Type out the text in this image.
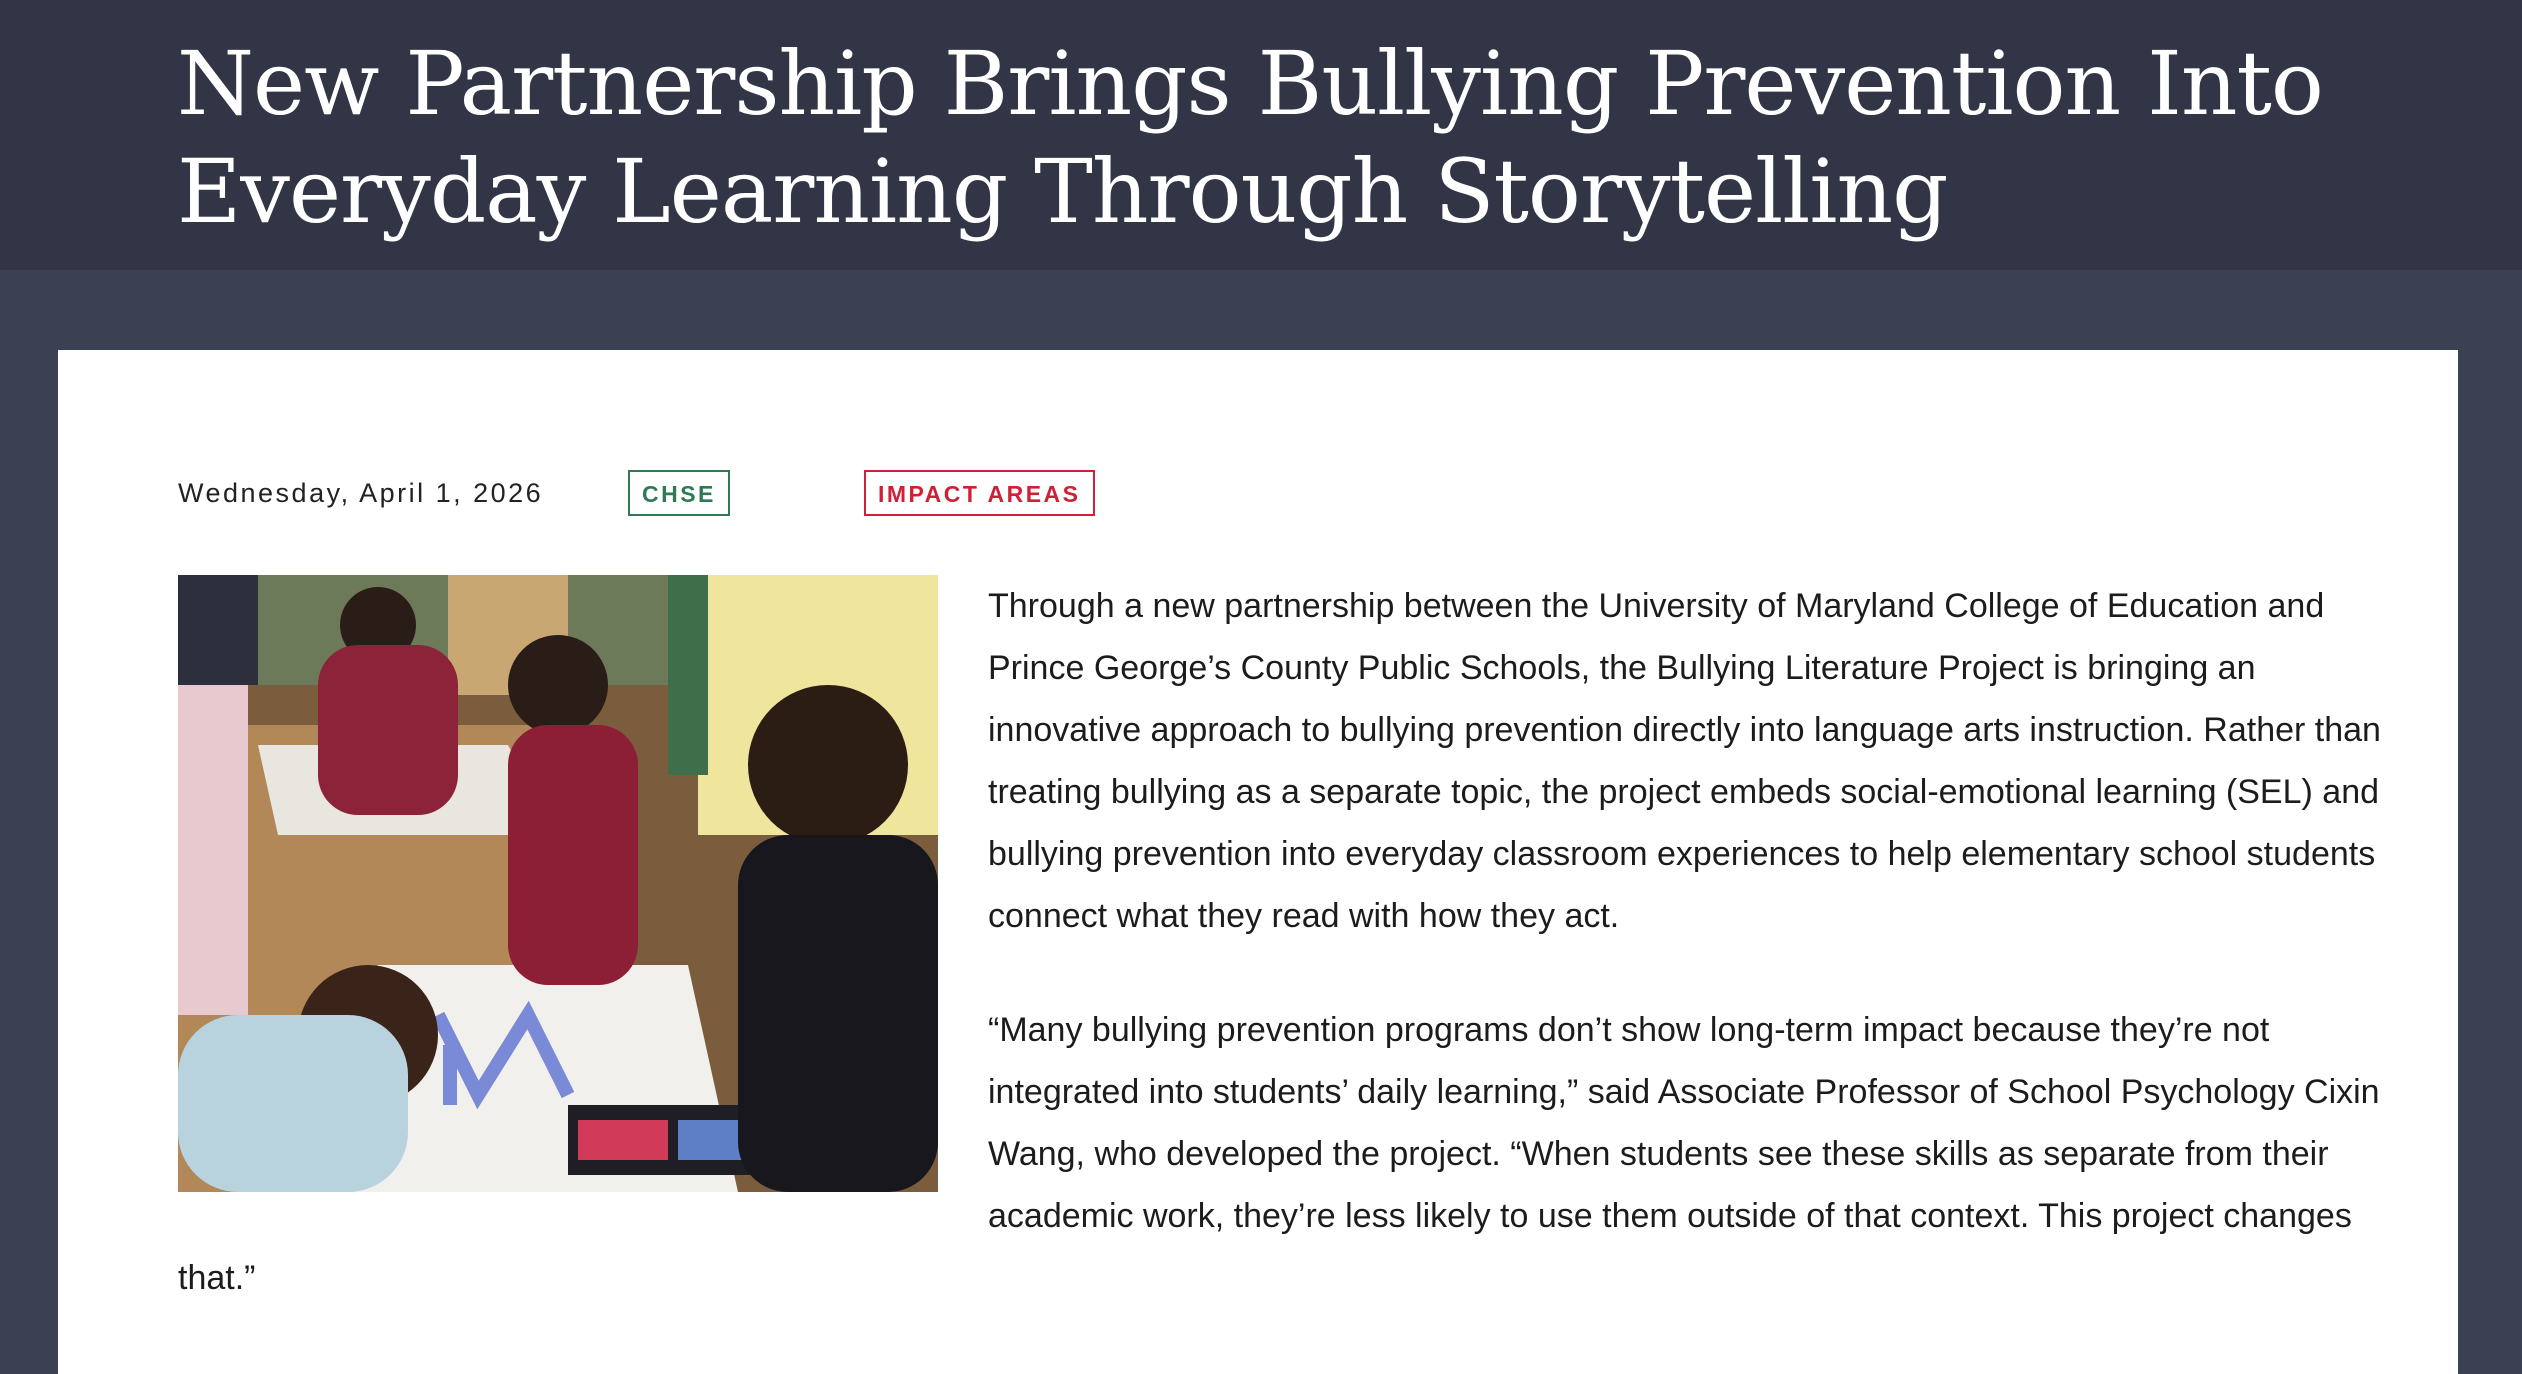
New Partnership Brings Bullying Prevention Into Everyday Learning Through Storytelling
Wednesday, April 1, 2026	CHSE	IMPACT AREAS

Through a new partnership between the University of Maryland College of Education and Prince George’s County Public Schools, the Bullying Literature Project is bringing an innovative approach to bullying prevention directly into language arts instruction. Rather than treating bullying as a separate topic, the project embeds social-emotional learning (SEL) and bullying prevention into everyday classroom experiences to help elementary school students connect what they read with how they act.

“Many bullying prevention programs don’t show long-term impact because they’re not integrated into students’ daily learning,” said Associate Professor of School Psychology Cixin Wang, who developed the project. “When students see these skills as separate from their academic work, they’re less likely to use them outside of that context. This project changes that.”
